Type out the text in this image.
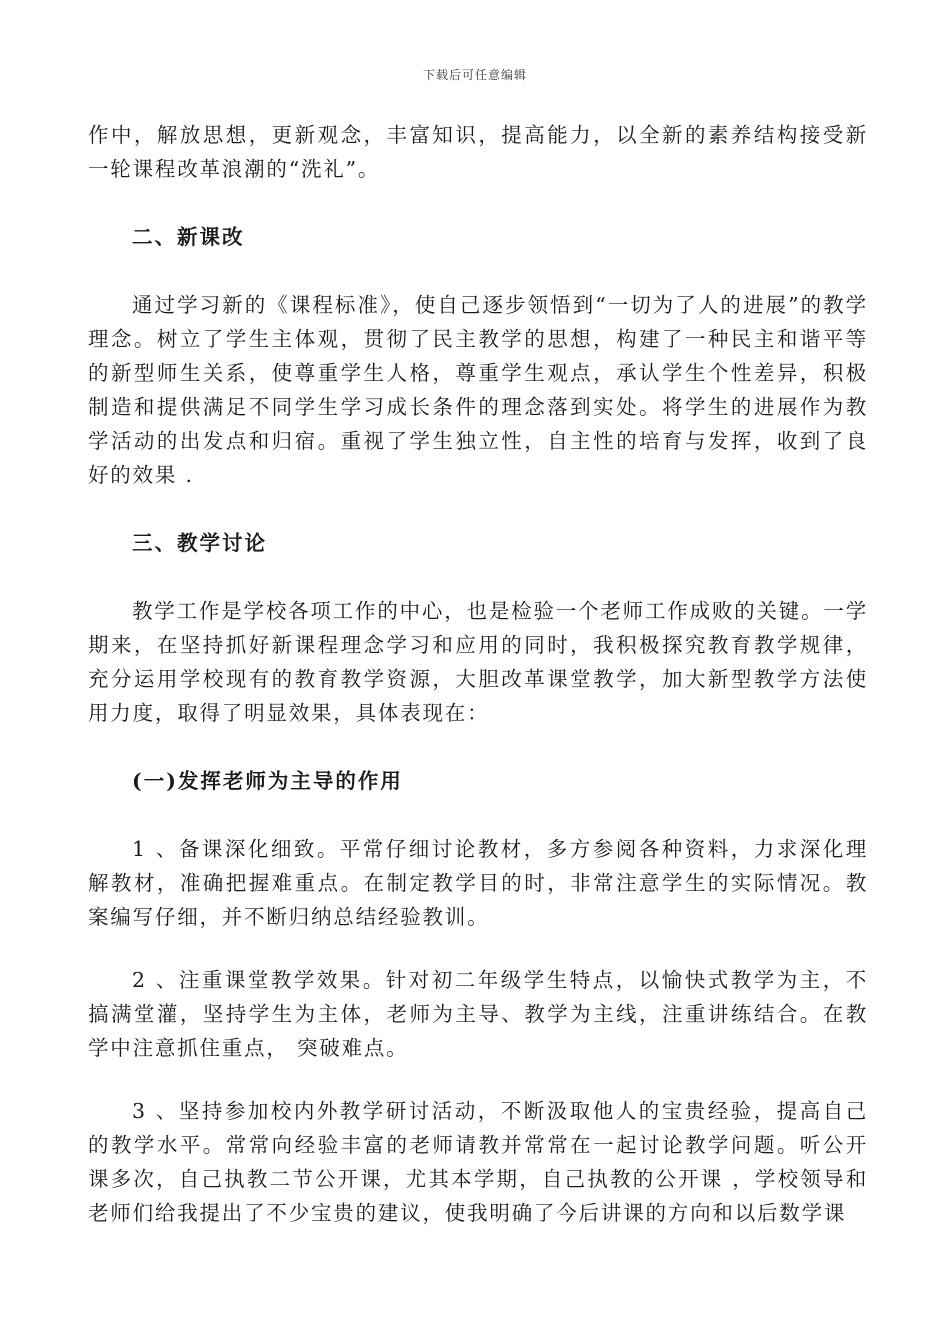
下载后可任意编辑

作中，解放思想，更新观念，丰富知识，提高能力，以全新的素养结构接受新一轮课程改革浪潮的“洗礼”。

二、新课改

通过学习新的《课程标准》，使自己逐步领悟到“一切为了人的进展”的教学理念。树立了学生主体观，贯彻了民主教学的思想，构建了一种民主和谐平等的新型师生关系，使尊重学生人格，尊重学生观点，承认学生个性差异，积极制造和提供满足不同学生学习成长条件的理念落到实处。将学生的进展作为教学活动的出发点和归宿。重视了学生独立性，自主性的培育与发挥，收到了良好的效果 .

三、教学讨论

教学工作是学校各项工作的中心，也是检验一个老师工作成败的关键。一学期来，在坚持抓好新课程理念学习和应用的同时，我积极探究教育教学规律，充分运用学校现有的教育教学资源，大胆改革课堂教学，加大新型教学方法使用力度，取得了明显效果，具体表现在：

(一)发挥老师为主导的作用

1 、备课深化细致。平常仔细讨论教材，多方参阅各种资料，力求深化理解教材，准确把握难重点。在制定教学目的时，非常注意学生的实际情况。教案编写仔细，并不断归纳总结经验教训。

2 、注重课堂教学效果。针对初二年级学生特点，以愉快式教学为主，不搞满堂灌，坚持学生为主体，老师为主导、教学为主线，注重讲练结合。在教学中注意抓住重点， 突破难点。

3 、坚持参加校内外教学研讨活动，不断汲取他人的宝贵经验，提高自己的教学水平。常常向经验丰富的老师请教并常常在一起讨论教学问题。听公开课多次，自己执教二节公开课，尤其本学期，自己执教的公开课 ，学校领导和老师们给我提出了不少宝贵的建议，使我明确了今后讲课的方向和以后数学课
